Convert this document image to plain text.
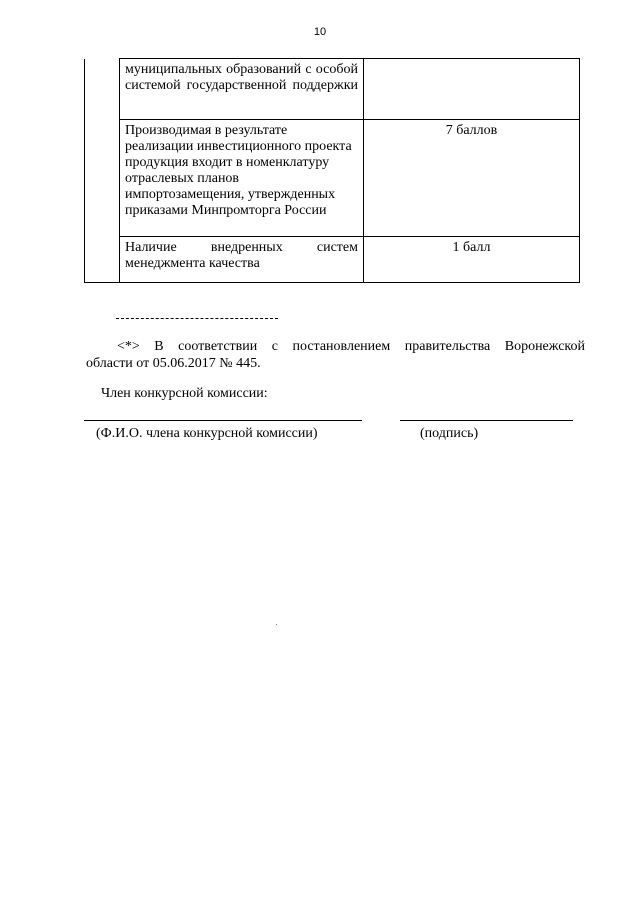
10

	муниципальных образований с особой системой государственной поддержки	

	Производимая в результате реализации инвестиционного проекта продукция входит в номенклатуру отраслевых планов импортозамещения, утвержденных приказами Минпромторга России	7 баллов

	Наличие внедренных систем менеджмента качества	1 балл
<*> В соответствии с постановлением правительства Воронежской
области от 05.06.2017 № 445.
Член конкурсной комиссии:
(Ф.И.О. члена конкурсной комиссии)	(подпись)
